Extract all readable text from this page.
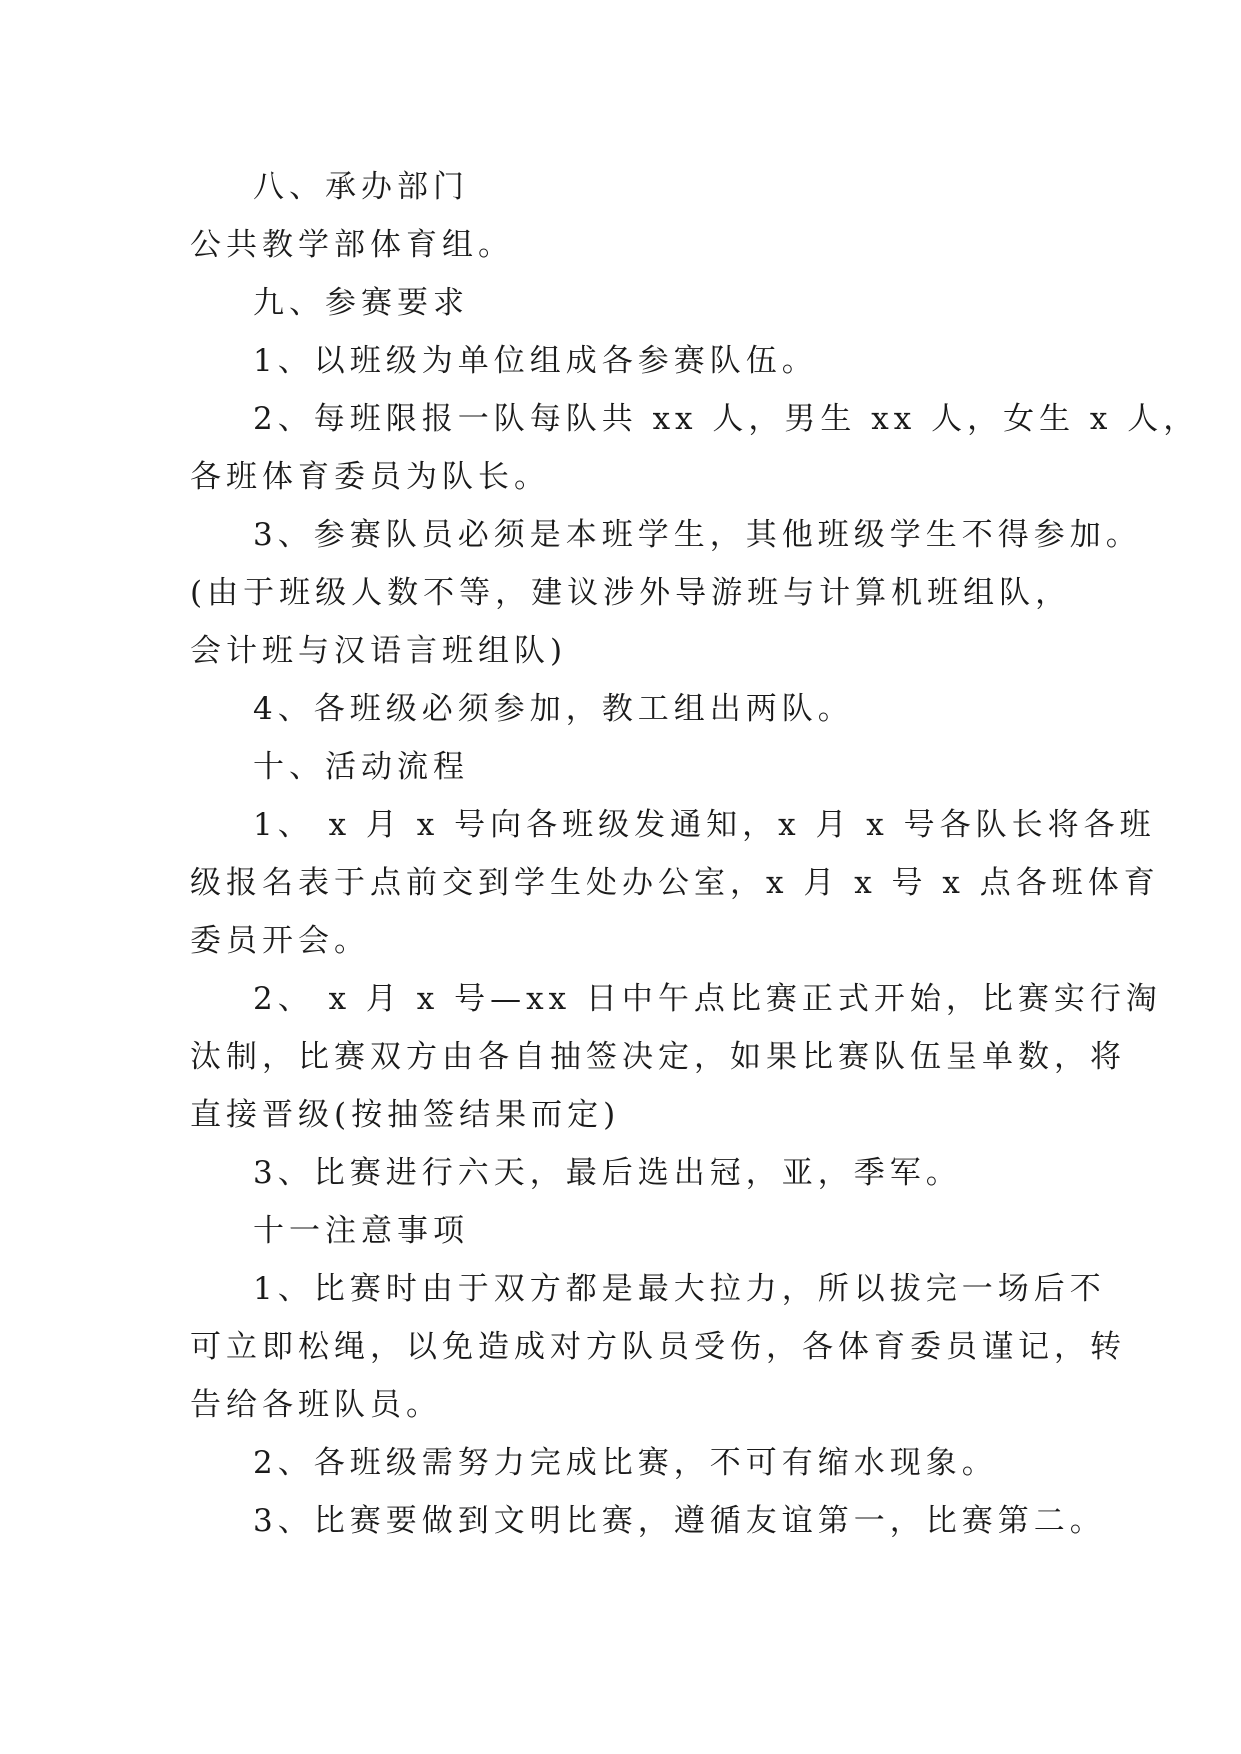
八、承办部门

公共教学部体育组。

九、参赛要求

1、以班级为单位组成各参赛队伍。

2、每班限报一队每队共 xx 人，男生 xx 人，女生 x 人，

各班体育委员为队长。

3、参赛队员必须是本班学生，其他班级学生不得参加。

(由于班级人数不等，建议涉外导游班与计算机班组队，

会计班与汉语言班组队)

4、各班级必须参加，教工组出两队。

十、活动流程

1、 x 月 x 号向各班级发通知，x 月 x 号各队长将各班

级报名表于点前交到学生处办公室，x 月 x 号 x 点各班体育

委员开会。

2、 x 月 x 号—xx 日中午点比赛正式开始，比赛实行淘

汰制，比赛双方由各自抽签决定，如果比赛队伍呈单数，将

直接晋级(按抽签结果而定)

3、比赛进行六天，最后选出冠，亚，季军。

十一注意事项

1、比赛时由于双方都是最大拉力，所以拔完一场后不

可立即松绳，以免造成对方队员受伤，各体育委员谨记，转

告给各班队员。

2、各班级需努力完成比赛，不可有缩水现象。

3、比赛要做到文明比赛，遵循友谊第一，比赛第二。
